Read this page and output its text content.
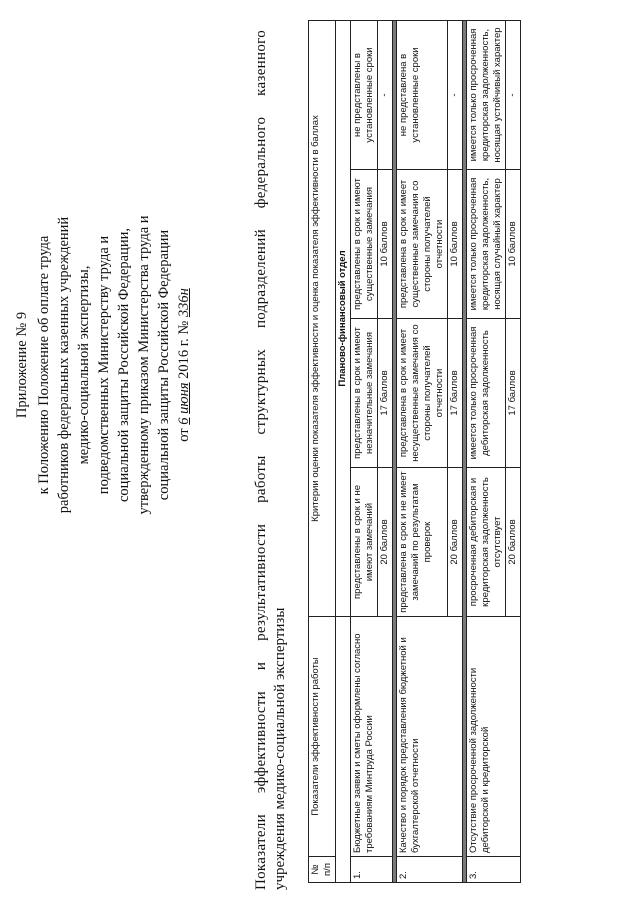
Приложение № 9 к Положению Положение об оплате труда работников федеральных казенных учреждений медико-социальной экспертизы, подведомственных Министерству труда и социальной защиты Российской Федерации, утвержденному приказом Министерства труда и социальной защиты Российской Федерации от 6 июня 2016 г. № 336н	Показатели эффективности и результативности работы структурных подразделений федерального казенного учреждения медико-социальной экспертизы № п/п	Показатели эффективности работы	Критерии оценки показателя эффективности и оценка показателя эффективности в баллах			
		Планово-финансовый отдел			
1.	Бюджетные заявки и сметы оформлены согласно требованиям Минтруда России	представлены в срок и не имеют замечаний	представлены в срок и имеют незначительные замечания	представлены в срок и имеют существенные замечания	не представлены в установленные сроки
		20 баллов	17 баллов	10 баллов	-

2.	Качество и порядок представления бюджетной и бухгалтерской отчетности	представлена в срок и не имеет замечаний по результатам проверок	представлена в срок и имеет несущественные замечания со стороны получателей отчетности	представлена в срок и имеет существенные замечания со стороны получателей отчетности	не представлена в установленные сроки
		20 баллов	17 баллов	10 баллов	-

3.	Отсутствие просроченной задолженности дебиторской и кредиторской	просроченная дебиторская и кредиторская задолженность отсутствует	имеется только просроченная дебиторская задолженность	имеется только просроченная кредиторская задолженность, носящая случайный характер	имеется только просроченная кредиторская задолженность, носящая устойчивый характер
		20 баллов	17 баллов	10 баллов	-
